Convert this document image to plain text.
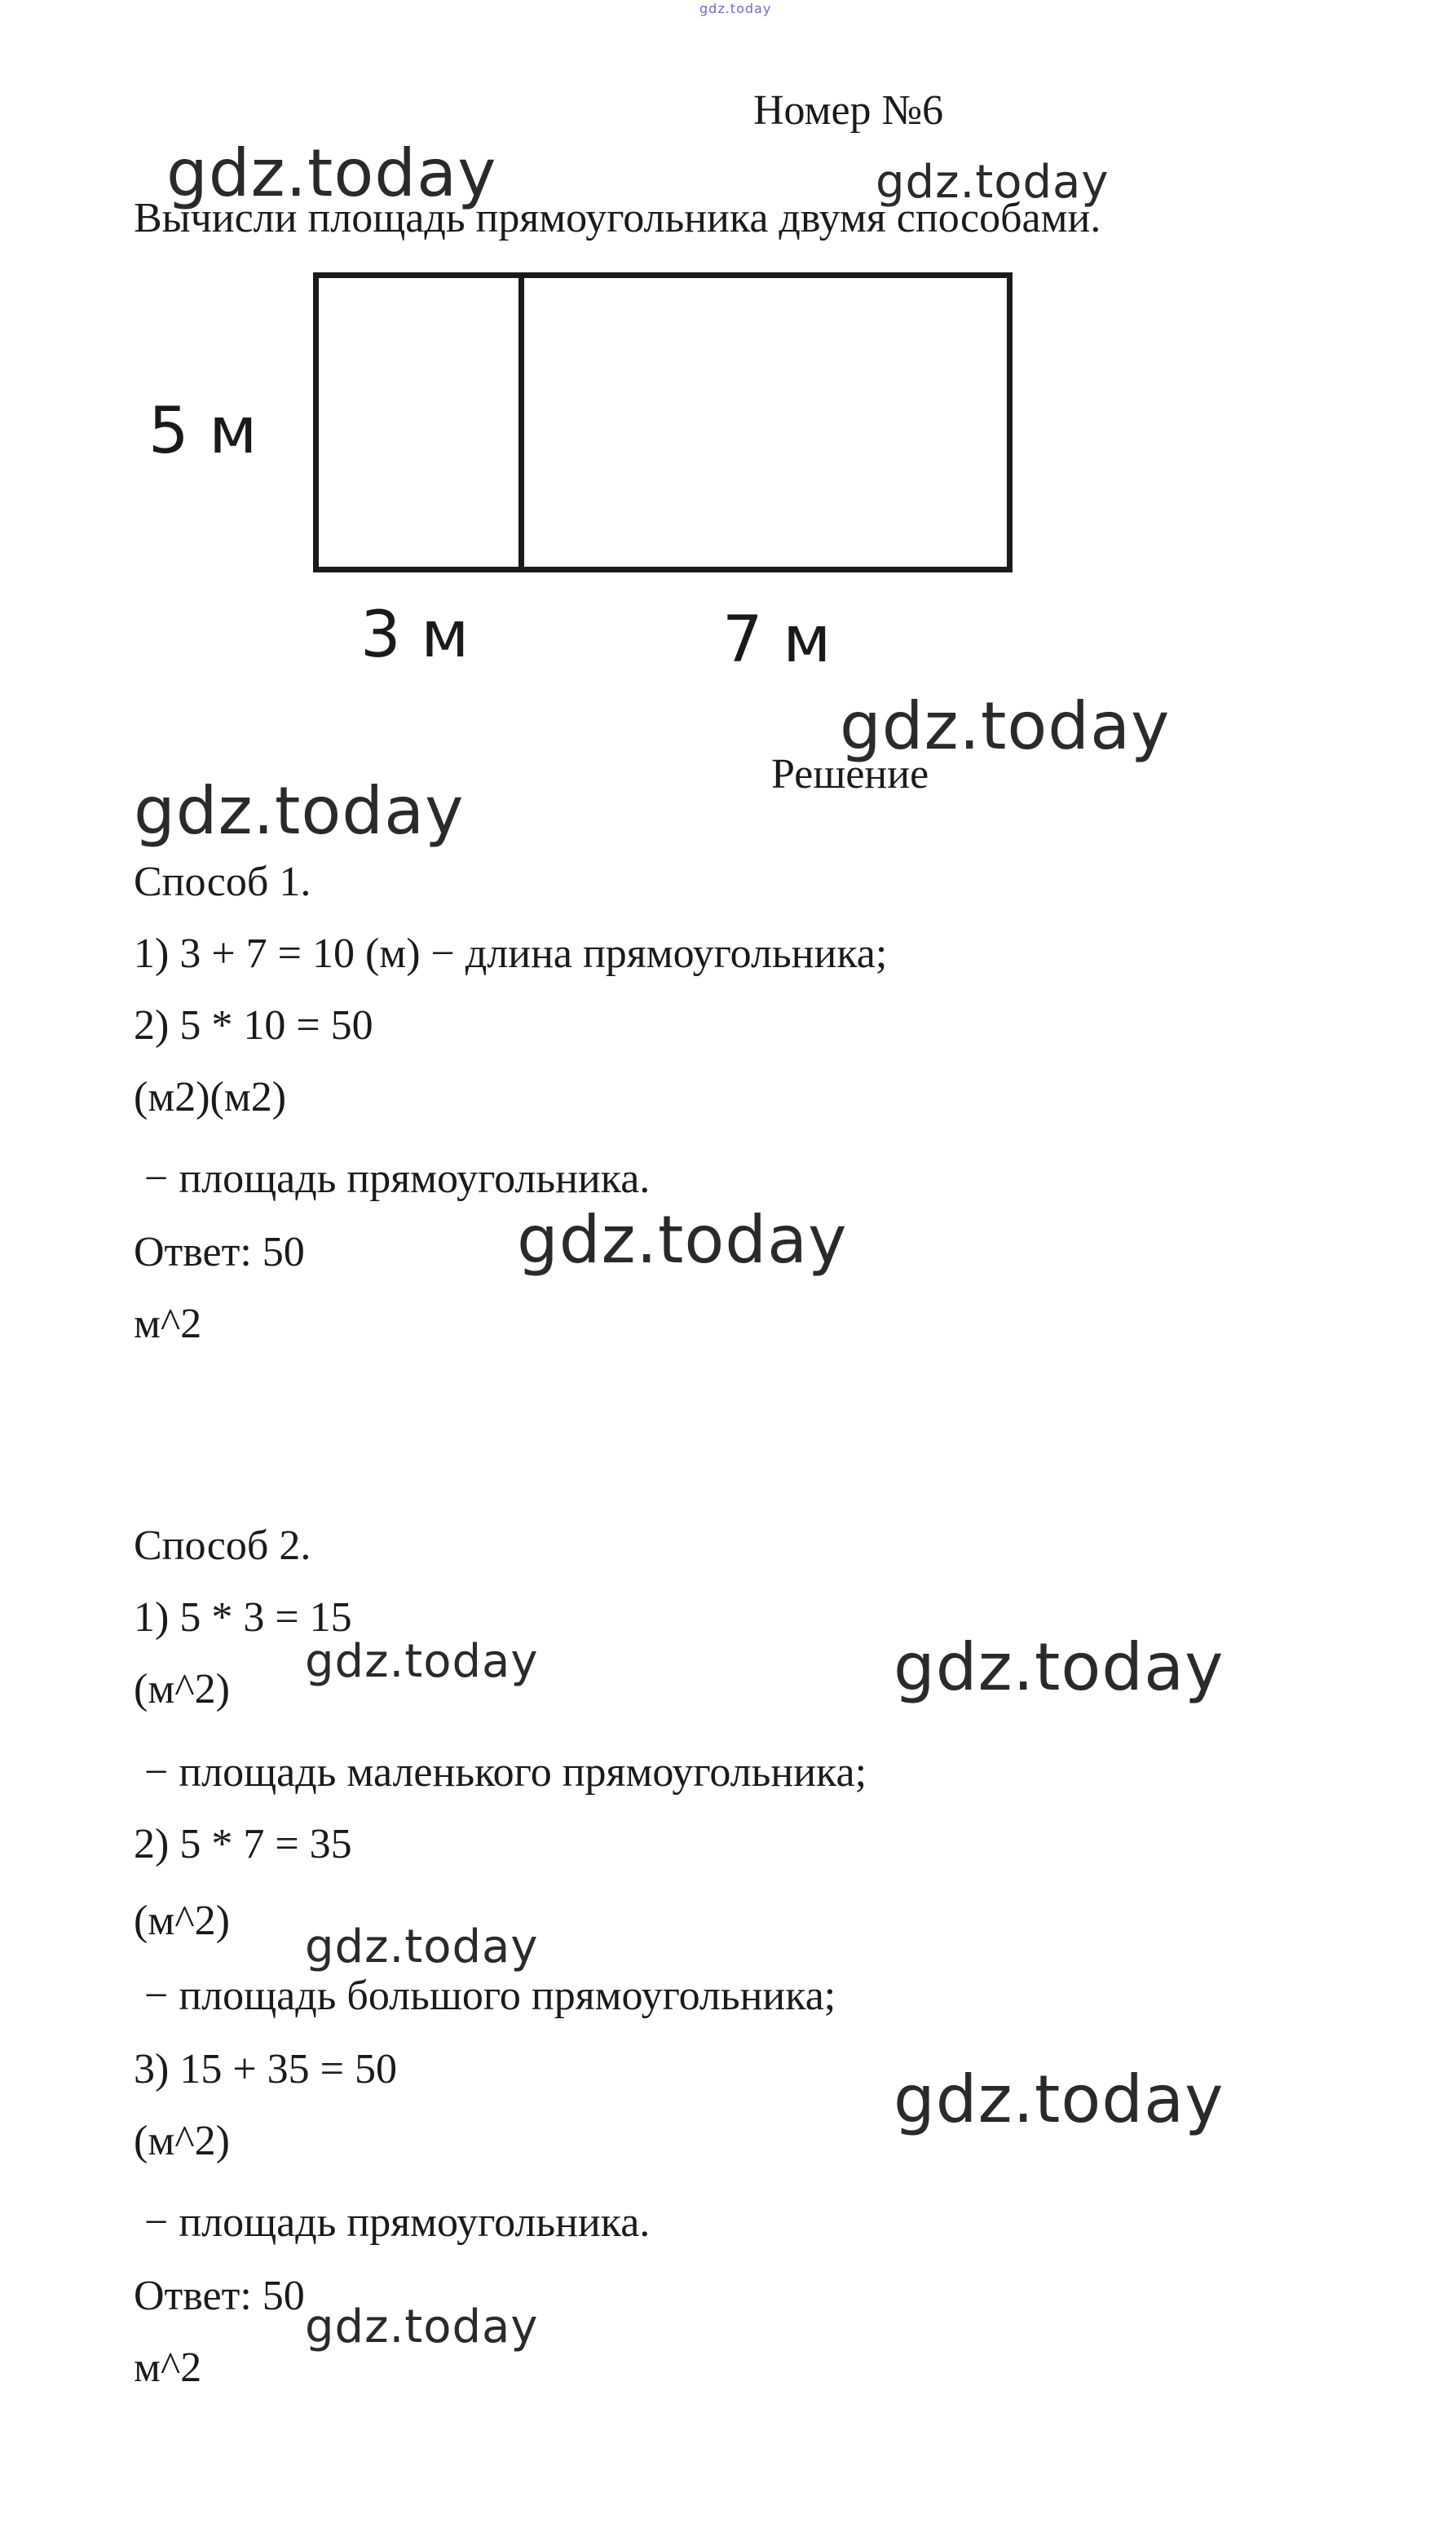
gdz.today
Номер №6
gdz.today	gdz.today
Вычисли площадь прямоугольника двумя способами.
5 м
3 м	7 м
gdz.today
Решение
gdz.today
Способ 1.
1) 3 + 7 = 10 (м) − длина прямоугольника;
2) 5 * 10 = 50
(м2)(м2)
− площадь прямоугольника.
Ответ: 50	gdz.today
м^2
Способ 2.
1) 5 * 3 = 15
(м^2)
gdz.today	gdz.today
− площадь маленького прямоугольника;
2) 5 * 7 = 35
(м^2) gdz.today
− площадь большого прямоугольника;
3) 15 + 35 = 50	gdz.today
(м^2)
− площадь прямоугольника.
Ответ: 50
gdz.today
м^2
